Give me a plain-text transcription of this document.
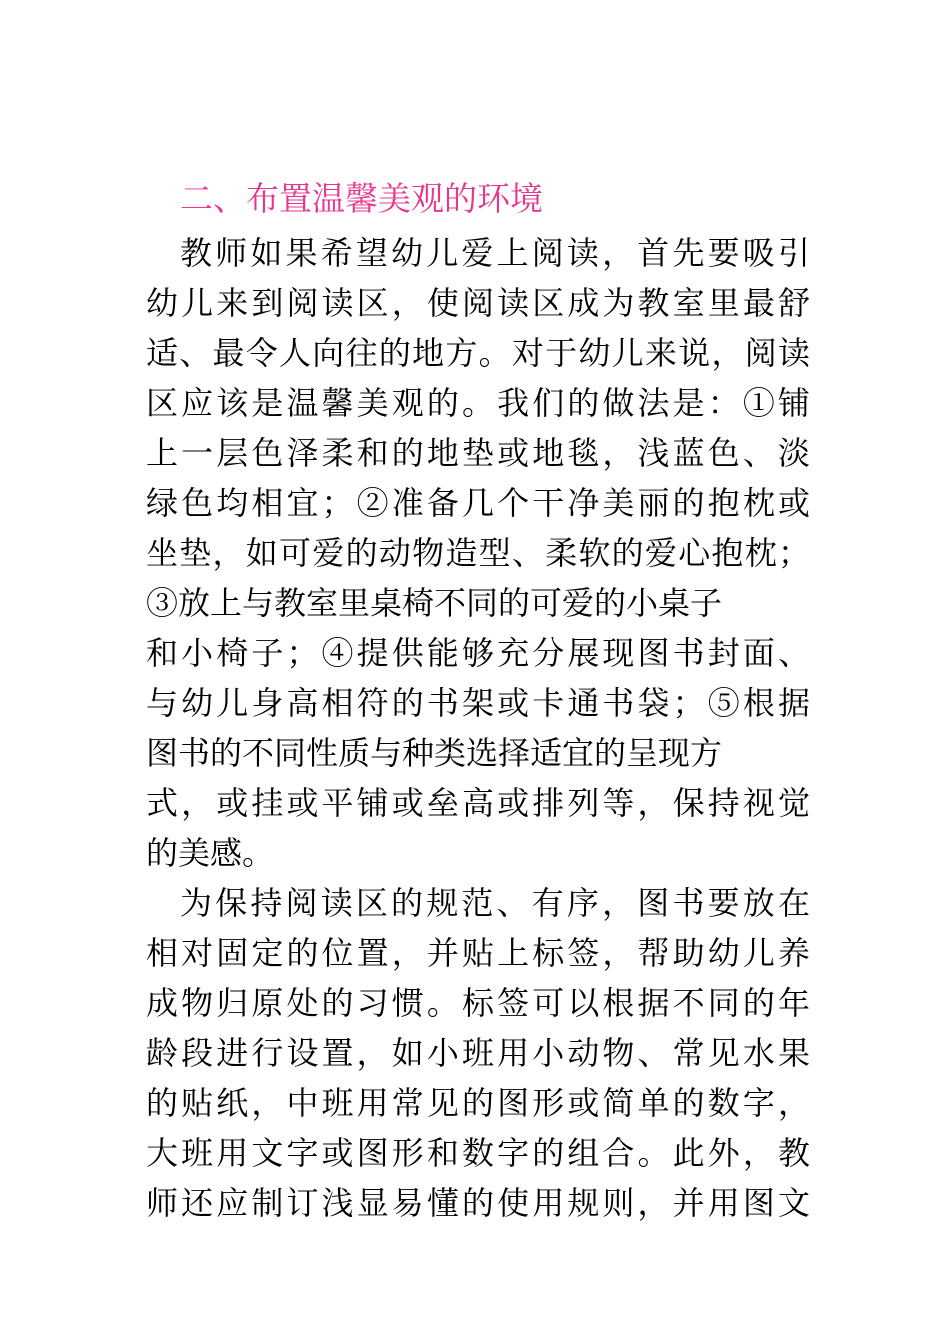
二、布置温馨美观的环境

教师如果希望幼儿爱上阅读，首先要吸引
幼儿来到阅读区，使阅读区成为教室里最舒
适、最令人向往的地方。对于幼儿来说，阅读
区应该是温馨美观的。我们的做法是：①铺
上一层色泽柔和的地垫或地毯，浅蓝色、淡
绿色均相宜；②准备几个干净美丽的抱枕或
坐垫，如可爱的动物造型、柔软的爱心抱枕；
③放上与教室里桌椅不同的可爱的小桌子
和小椅子；④提供能够充分展现图书封面、
与幼儿身高相符的书架或卡通书袋；⑤根据
图书的不同性质与种类选择适宜的呈现方
式，或挂或平铺或垒高或排列等，保持视觉
的美感。

为保持阅读区的规范、有序，图书要放在
相对固定的位置，并贴上标签，帮助幼儿养
成物归原处的习惯。标签可以根据不同的年
龄段进行设置，如小班用小动物、常见水果
的贴纸，中班用常见的图形或简单的数字，
大班用文字或图形和数字的组合。此外，教
师还应制订浅显易懂的使用规则，并用图文
